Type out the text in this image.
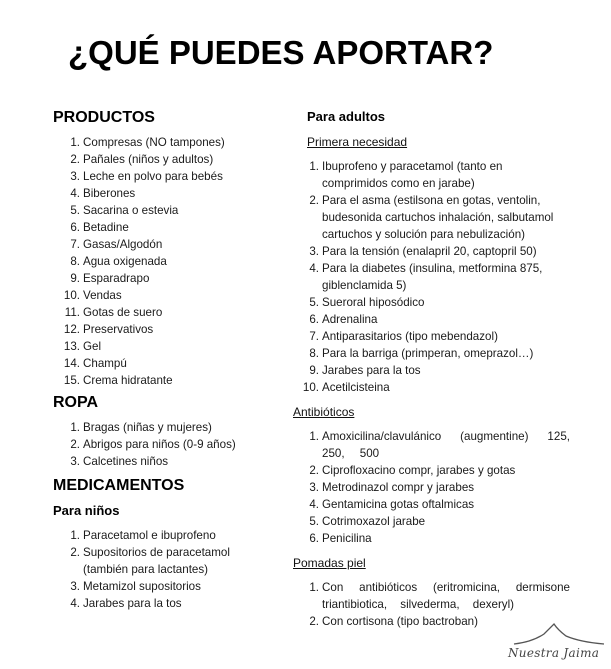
¿QUÉ PUEDES APORTAR?
PRODUCTOS
1. Compresas (NO tampones)
2. Pañales (niños y adultos)
3. Leche en polvo para bebés
4. Biberones
5. Sacarina o estevia
6. Betadine
7. Gasas/Algodón
8. Agua oxigenada
9. Esparadrapo
10. Vendas
11. Gotas de suero
12. Preservativos
13. Gel
14. Champú
15. Crema hidratante
ROPA
1. Bragas (niñas y mujeres)
2. Abrigos para niños (0-9 años)
3. Calcetines niños
MEDICAMENTOS
Para niños
1. Paracetamol e ibuprofeno
2. Supositorios de paracetamol (también para lactantes)
3. Metamizol supositorios
4. Jarabes para la tos
Para adultos

Primera necesidad

1. Ibuprofeno y paracetamol (tanto en comprimidos como en jarabe)
2. Para el asma (estilsona en gotas, ventolin, budesonida cartuchos inhalación, salbutamol cartuchos y solución para nebulización)
3. Para la tensión (enalapril 20, captopril 50)
4. Para la diabetes (insulina, metformina 875, giblenclamida 5)
5. Sueroral hiposódico
6. Adrenalina
7. Antiparasitarios (tipo mebendazol)
8. Para la barriga (primperan, omeprazol…)
9. Jarabes para la tos
10. Acetilcisteina

Antibióticos

1. Amoxicilina/clavulánico (augmentine) 125, 250, 500
2. Ciprofloxacino compr, jarabes y gotas
3. Metrodinazol compr y jarabes
4. Gentamicina gotas oftalmicas
5. Cotrimoxazol jarabe
6. Penicilina

Pomadas piel

1. Con antibióticos (eritromicina, dermisone triantibiotica, silvederma, dexeryl)
2. Con cortisona (tipo bactroban)
Nuestra Jaima
